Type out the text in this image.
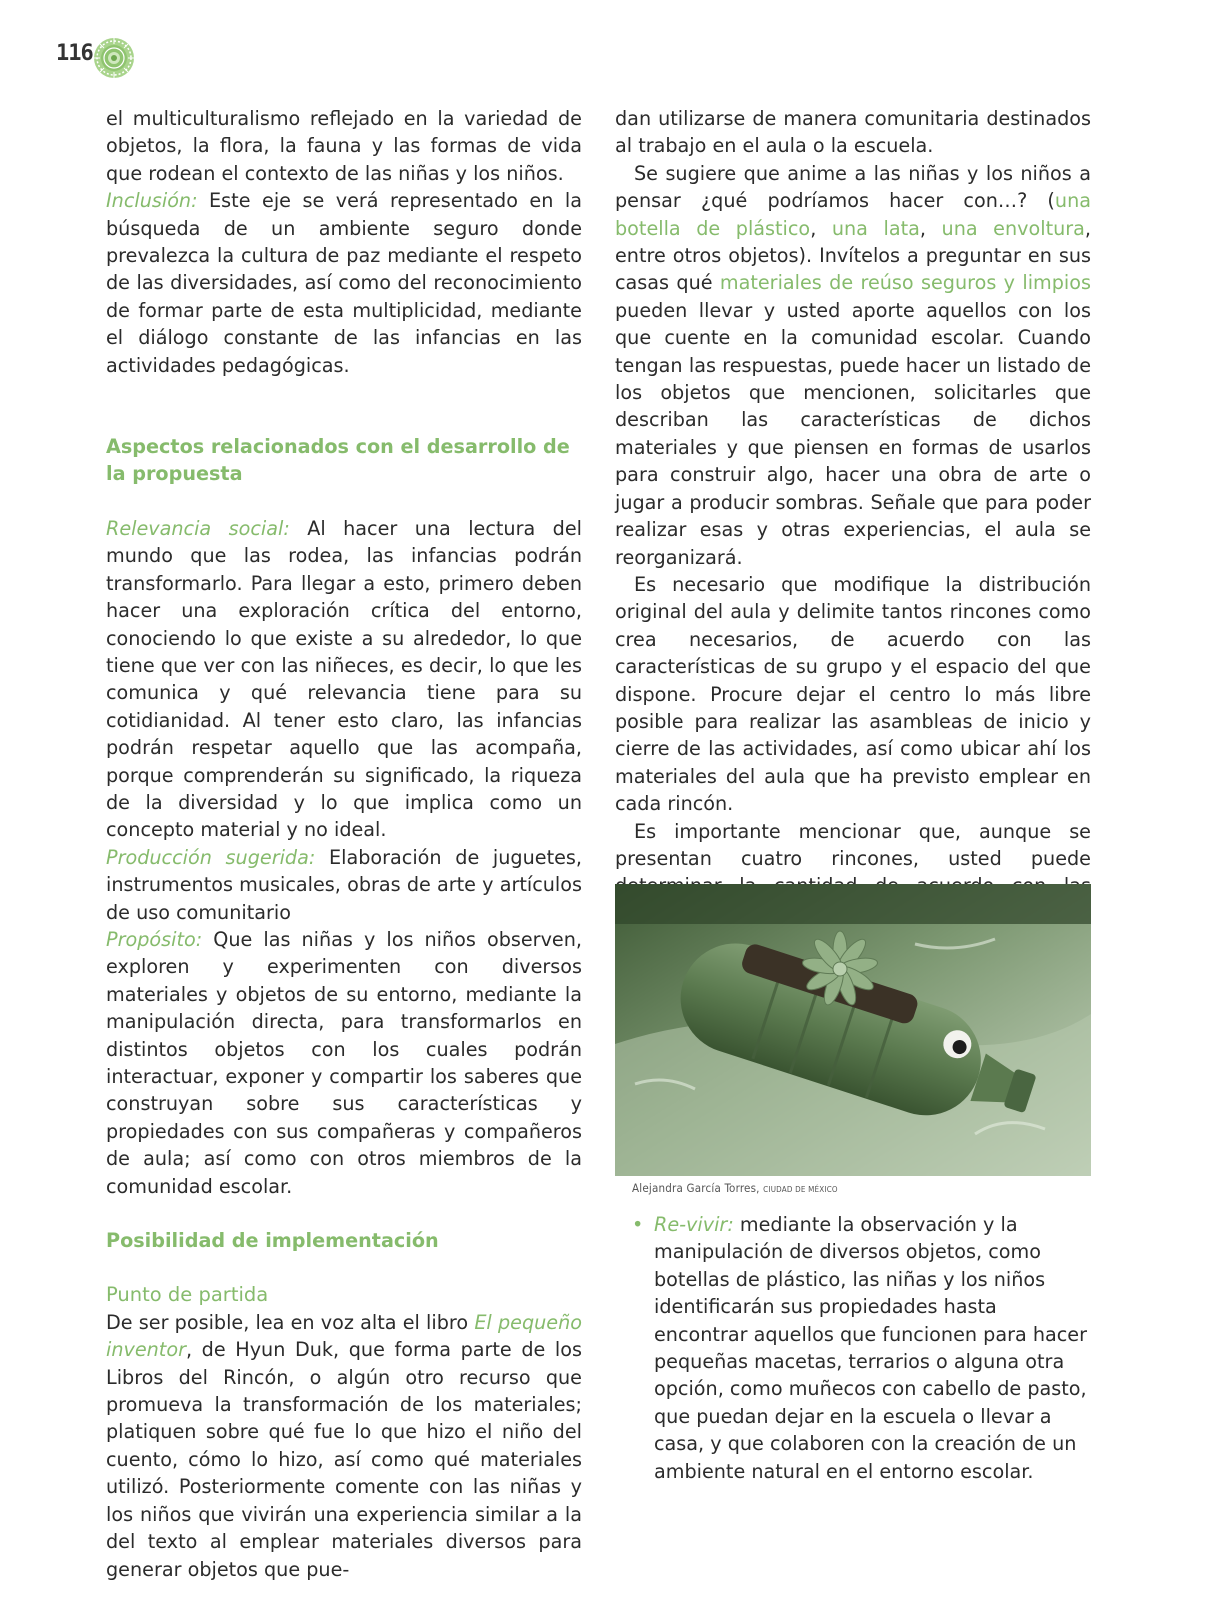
116

el multiculturalismo reflejado en la variedad de objetos, la flora, la fauna y las formas de vida que rodean el contexto de las niñas y los niños.

Inclusión: Este eje se verá representado en la búsqueda de un ambiente seguro donde prevalezca la cultura de paz mediante el respeto de las diversidades, así como del reconocimiento de formar parte de esta multiplicidad, mediante el diálogo constante de las infancias en las actividades pedagógicas.

Aspectos relacionados con el desarrollo de la propuesta

Relevancia social: Al hacer una lectura del mundo que las rodea, las infancias podrán transformarlo. Para llegar a esto, primero deben hacer una exploración crítica del entorno, conociendo lo que existe a su alrededor, lo que tiene que ver con las niñeces, es decir, lo que les comunica y qué relevancia tiene para su cotidianidad. Al tener esto claro, las infancias podrán respetar aquello que las acompaña, porque comprenderán su significado, la riqueza de la diversidad y lo que implica como un concepto material y no ideal.

Producción sugerida: Elaboración de juguetes, instrumentos musicales, obras de arte y artículos de uso comunitario

Propósito: Que las niñas y los niños observen, exploren y experimenten con diversos materiales y objetos de su entorno, mediante la manipulación directa, para transformarlos en distintos objetos con los cuales podrán interactuar, exponer y compartir los saberes que construyan sobre sus características y propiedades con sus compañeras y compañeros de aula; así como con otros miembros de la comunidad escolar.

Posibilidad de implementación
Punto de partida

De ser posible, lea en voz alta el libro El pequeño inventor, de Hyun Duk, que forma parte de los Libros del Rincón, o algún otro recurso que promueva la transformación de los materiales; platiquen sobre qué fue lo que hizo el niño del cuento, cómo lo hizo, así como qué materiales utilizó. Posteriormente comente con las niñas y los niños que vivirán una experiencia similar a la del texto al emplear materiales diversos para generar objetos que pue-

dan utilizarse de manera comunitaria destinados al trabajo en el aula o la escuela.

Se sugiere que anime a las niñas y los niños a pensar ¿qué podríamos hacer con…? (una botella de plástico, una lata, una envoltura, entre otros objetos). Invítelos a preguntar en sus casas qué materiales de reúso seguros y limpios pueden llevar y usted aporte aquellos con los que cuente en la comunidad escolar. Cuando tengan las respuestas, puede hacer un listado de los objetos que mencionen, solicitarles que describan las características de dichos materiales y que piensen en formas de usarlos para construir algo, hacer una obra de arte o jugar a producir sombras. Señale que para poder realizar esas y otras experiencias, el aula se reorganizará.

Es necesario que modifique la distribución original del aula y delimite tantos rincones como crea necesarios, de acuerdo con las características de su grupo y el espacio del que dispone. Procure dejar el centro lo más libre posible para realizar las asambleas de inicio y cierre de las actividades, así como ubicar ahí los materiales del aula que ha previsto emplear en cada rincón.

Es importante mencionar que, aunque se presentan cuatro rincones, usted puede

Alejandra García Torres, CIUDAD DE MÉXICO
• Re-vivir: mediante la observación y la manipulación de diversos objetos, como botellas de plástico, las niñas y los niños identificarán sus propiedades hasta encontrar aquellos que funcionen para hacer pequeñas macetas, terrarios o alguna otra opción, como muñecos con cabello de pasto, que puedan dejar en la escuela o llevar a casa, y que colaboren con la creación de un ambiente natural en el entorno escolar.
